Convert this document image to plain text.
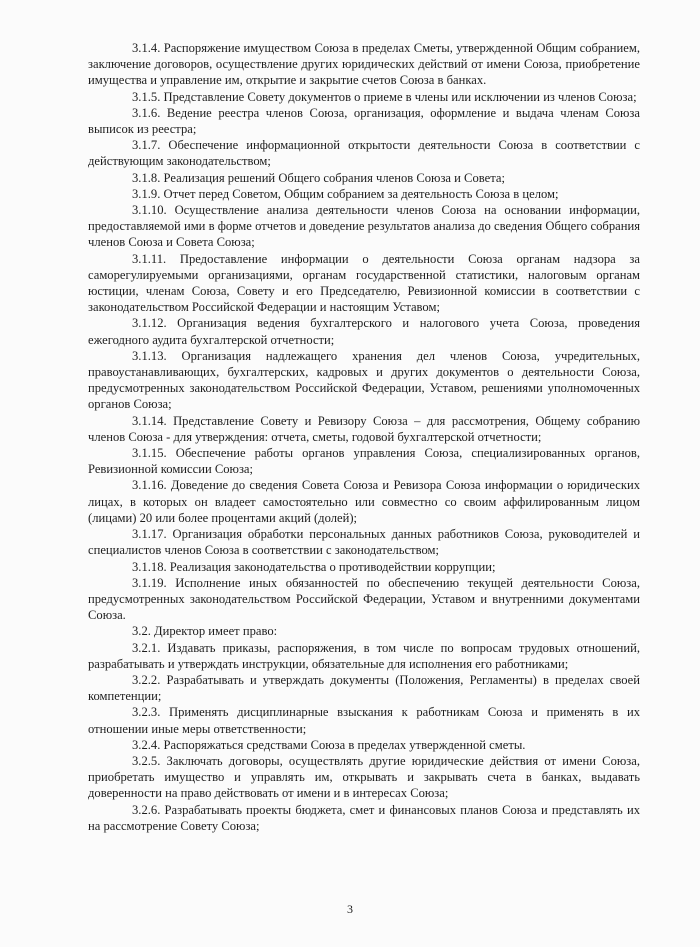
3.1.4. Распоряжение имуществом Союза в пределах Сметы, утвержденной Общим собранием, заключение договоров, осуществление других юридических действий от имени Союза, приобретение имущества и управление им, открытие и закрытие счетов Союза в банках.

3.1.5. Представление Совету документов о приеме в члены или исключении из членов Союза;

3.1.6. Ведение реестра членов Союза, организация, оформление и выдача членам Союза выписок из реестра;

3.1.7. Обеспечение информационной открытости деятельности Союза в соответствии с действующим законодательством;

3.1.8. Реализация решений Общего собрания членов Союза и Совета;

3.1.9. Отчет перед Советом, Общим собранием за деятельность Союза в целом;

3.1.10. Осуществление анализа деятельности членов Союза на основании информации, предоставляемой ими в форме отчетов и доведение результатов анализа до сведения Общего собрания членов Союза и Совета Союза;

3.1.11. Предоставление информации о деятельности Союза органам надзора за саморегулируемыми организациями, органам государственной статистики, налоговым органам юстиции, членам Союза, Совету и его Председателю, Ревизионной комиссии в соответствии с законодательством Российской Федерации и настоящим Уставом;

3.1.12. Организация ведения бухгалтерского и налогового учета Союза, проведения ежегодного аудита бухгалтерской отчетности;

3.1.13. Организация надлежащего хранения дел членов Союза, учредительных, правоустанавливающих, бухгалтерских, кадровых и других документов о деятельности Союза, предусмотренных законодательством Российской Федерации, Уставом, решениями уполномоченных органов Союза;

3.1.14. Представление Совету и Ревизору Союза – для рассмотрения, Общему собранию членов Союза - для утверждения: отчета, сметы, годовой бухгалтерской отчетности;

3.1.15. Обеспечение работы органов управления Союза, специализированных органов, Ревизионной комиссии Союза;

3.1.16. Доведение до сведения Совета Союза и Ревизора Союза информации о юридических лицах, в которых он владеет самостоятельно или совместно со своим аффилированным лицом (лицами) 20 или более процентами акций (долей);

3.1.17. Организация обработки персональных данных работников Союза, руководителей и специалистов членов Союза в соответствии с законодательством;

3.1.18. Реализация законодательства о противодействии коррупции;

3.1.19. Исполнение иных обязанностей по обеспечению текущей деятельности Союза, предусмотренных законодательством Российской Федерации, Уставом и внутренними документами Союза.

3.2. Директор имеет право:

3.2.1. Издавать приказы, распоряжения, в том числе по вопросам трудовых отношений, разрабатывать и утверждать инструкции, обязательные для исполнения его работниками;

3.2.2. Разрабатывать и утверждать документы (Положения, Регламенты) в пределах своей компетенции;

3.2.3. Применять дисциплинарные взыскания к работникам Союза и применять в их отношении иные меры ответственности;

3.2.4. Распоряжаться средствами Союза в пределах утвержденной сметы.

3.2.5. Заключать договоры, осуществлять другие юридические действия от имени Союза, приобретать имущество и управлять им, открывать и закрывать счета в банках, выдавать доверенности на право действовать от имени и в интересах Союза;

3.2.6. Разрабатывать проекты бюджета, смет и финансовых планов Союза и представлять их на рассмотрение Совету Союза;

3
